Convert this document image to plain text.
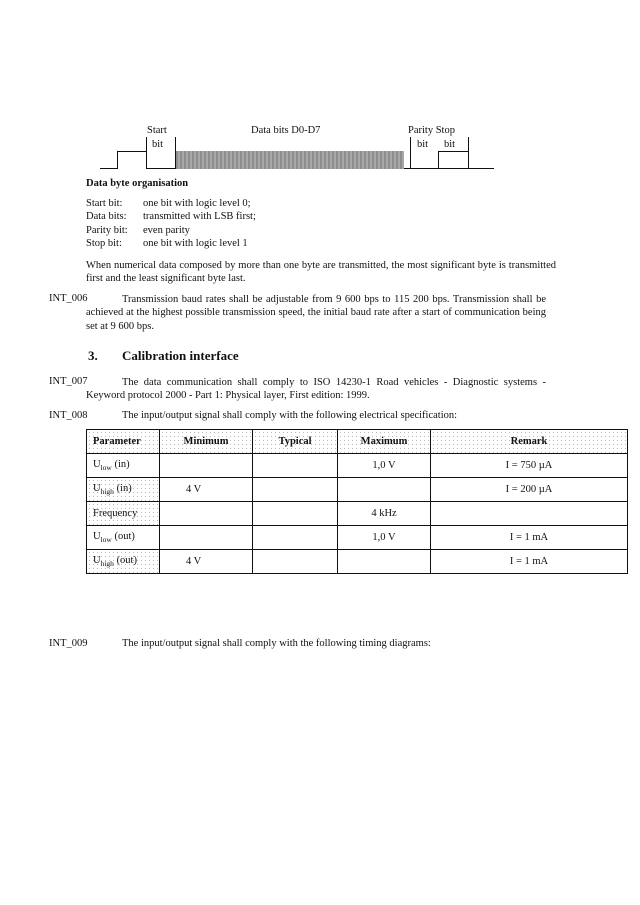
Start
bit
Data bits D0-D7	Parity Stop
bit bit
Data byte organisation
Start bit:	one bit with logic level 0;
Data bits:	transmitted with LSB first;
Parity bit:	even parity
Stop bit:	one bit with logic level 1
When numerical data composed by more than one byte are transmitted, the most significant byte is transmitted first and the least significant byte last.
INT_006	Transmission baud rates shall be adjustable from 9 600 bps to 115 200 bps. Transmission shall be achieved at the highest possible transmission speed, the initial baud rate after a start of communication being set at 9 600 bps.
3. Calibration interface
INT_007	The data communication shall comply to ISO 14230-1 Road vehicles - Diagnostic systems - Keyword protocol 2000 - Part 1: Physical layer, First edition: 1999.
INT_008	The input/output signal shall comply with the following electrical specification:
Parameter	Minimum	Typical	Maximum	Remark
$U_{low}$ (in)			1,0 V	I = 750 µA
$U_{high}$ (in)	4 V			I = 200 µA
Frequency			4 kHz	
$U_{low}$ (out)			1,0 V	I = 1 mA
$U_{high}$ (out)	4 V			I = 1 mA
INT_009	The input/output signal shall comply with the following timing diagrams:
